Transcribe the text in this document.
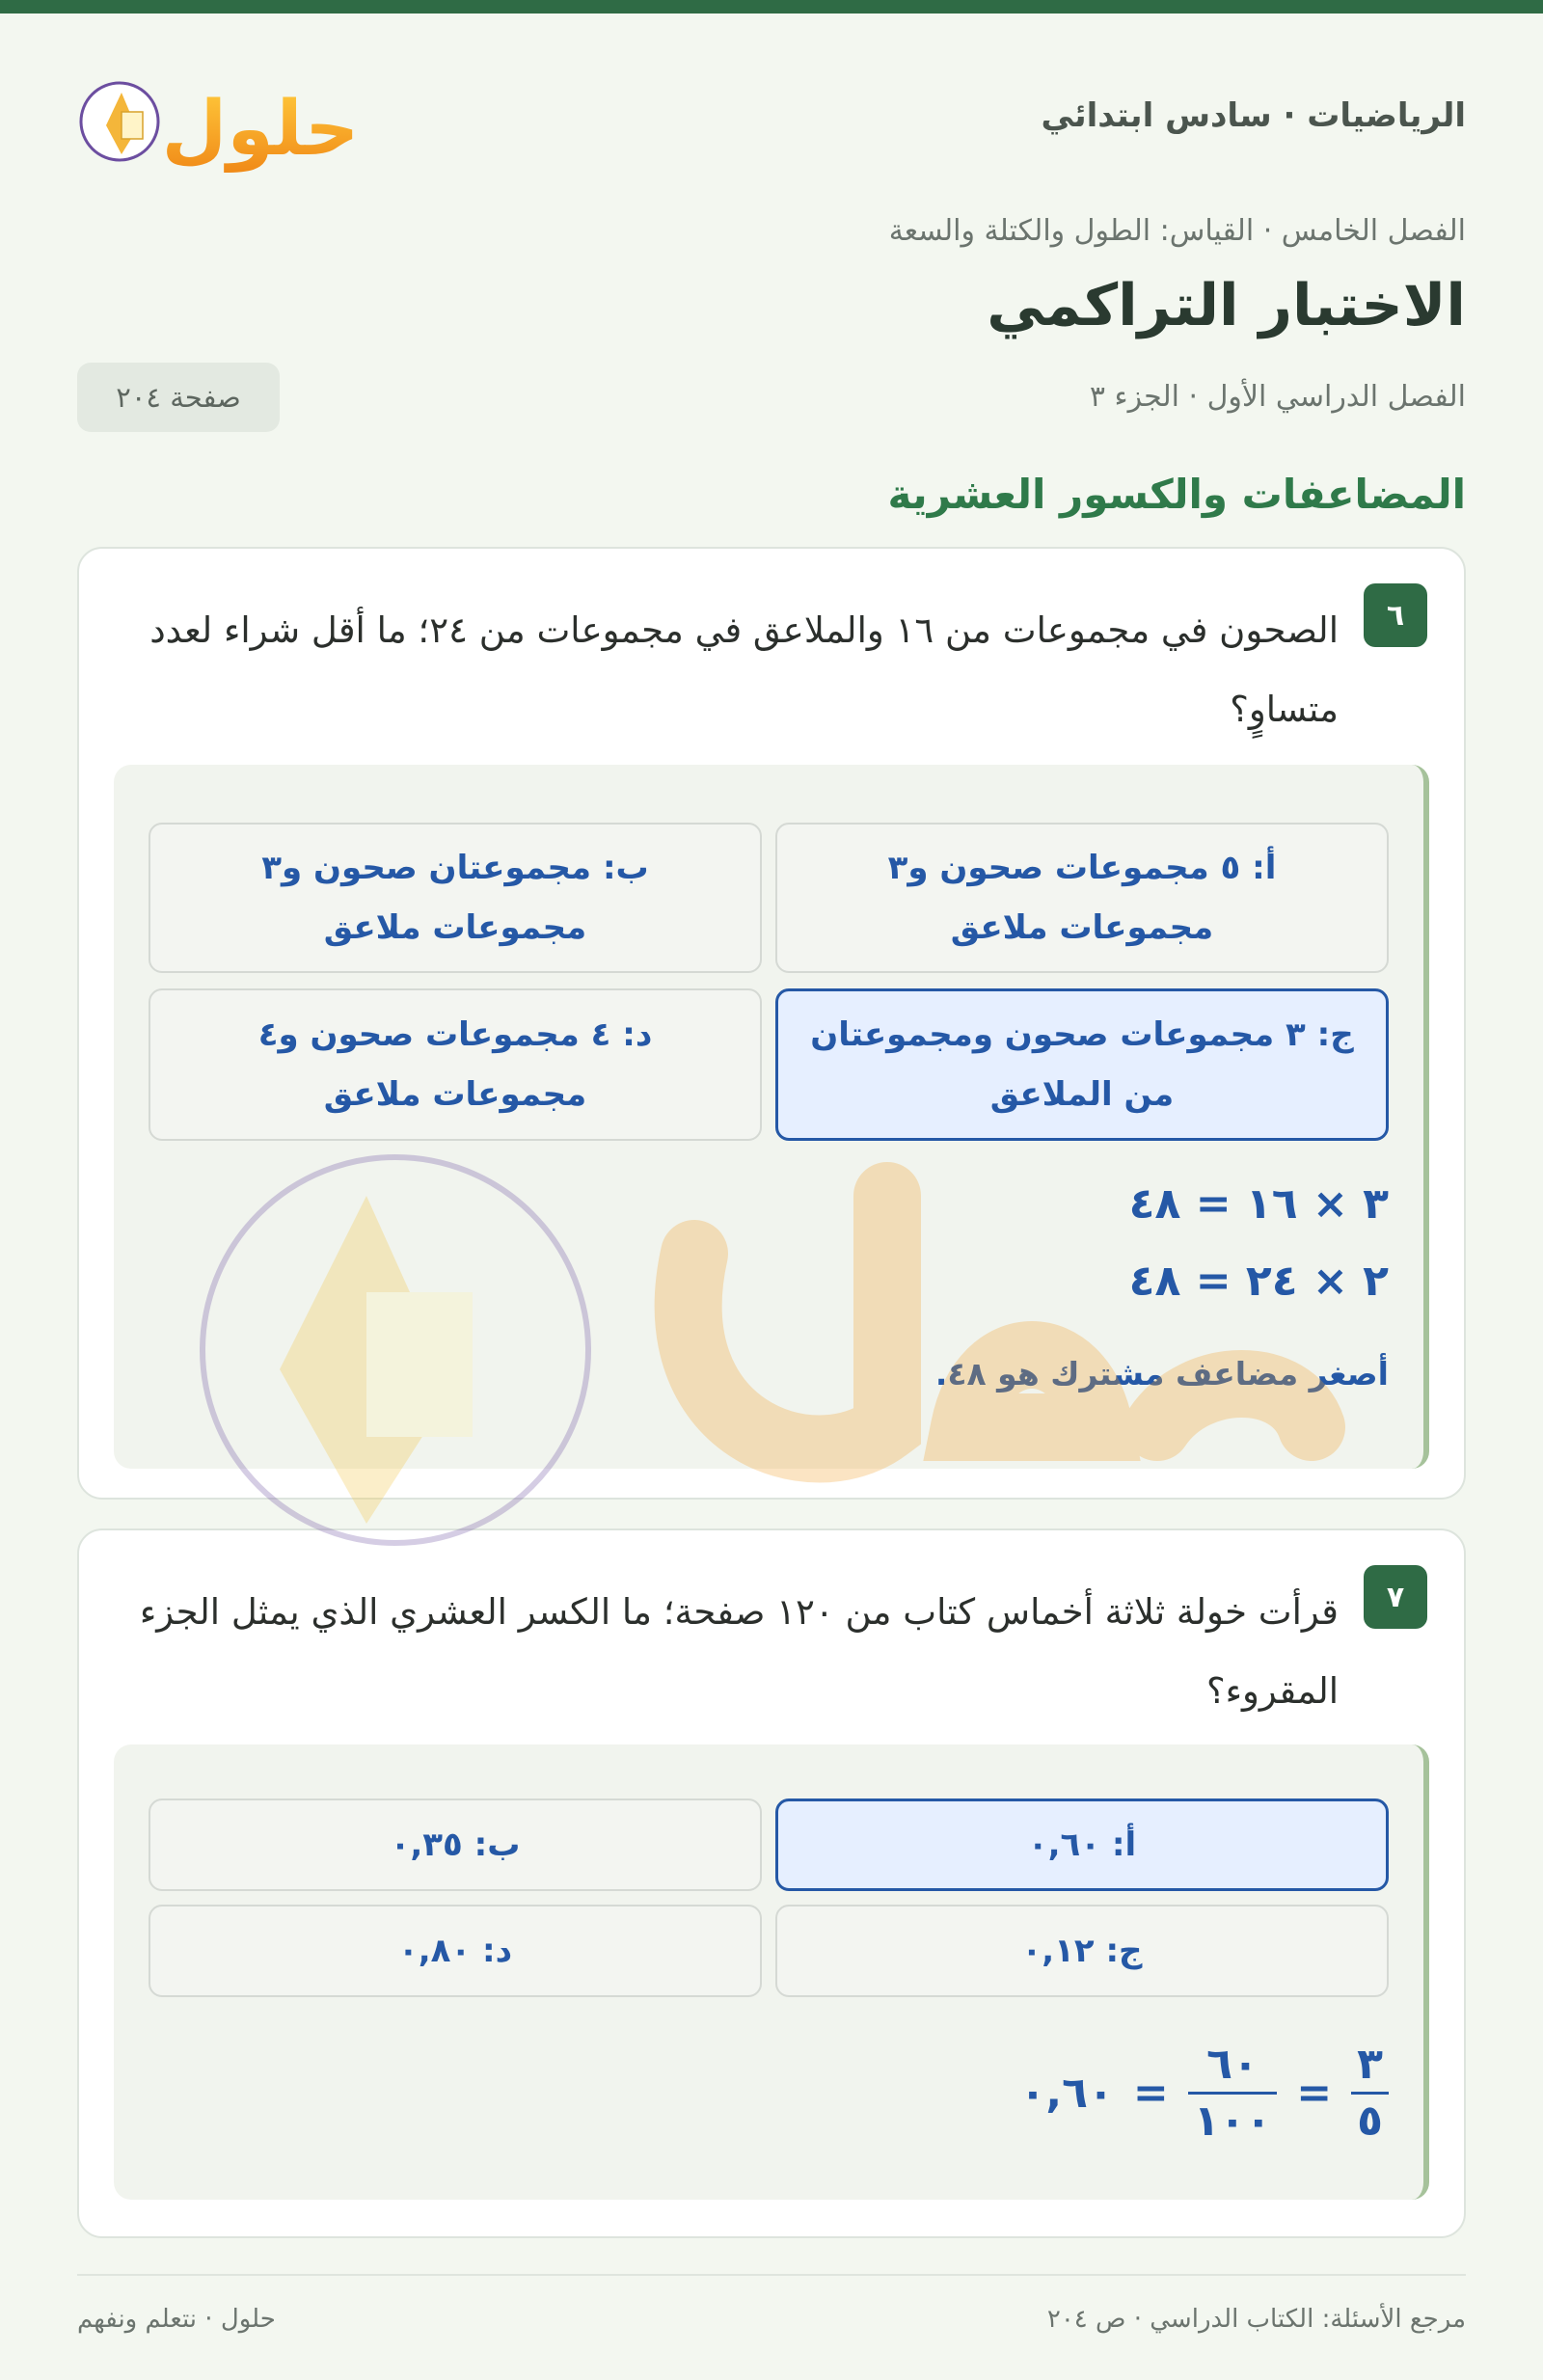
الرياضيات · سادس ابتدائي
حلول
الفصل الخامس · القياس: الطول والكتلة والسعة
الاختبار التراكمي
الفصل الدراسي الأول · الجزء ٣
صفحة ٢٠٤
المضاعفات والكسور العشرية
٦
الصحون في مجموعات من ١٦ والملاعق في مجموعات من ٢٤؛ ما أقل شراء لعدد متساوٍ؟
أ: ٥ مجموعات صحون و٣ مجموعات ملاعق
ب: مجموعتان صحون و٣ مجموعات ملاعق
ج: ٣ مجموعات صحون ومجموعتان من الملاعق
د: ٤ مجموعات صحون و٤ مجموعات ملاعق
٣ × ١٦ = ٤٨
٢ × ٢٤ = ٤٨
أصغر مضاعف مشترك هو ٤٨.
٧
قرأت خولة ثلاثة أخماس كتاب من ١٢٠ صفحة؛ ما الكسر العشري الذي يمثل الجزء المقروء؟
أ: ٠,٦٠
ب: ٠,٣٥
ج: ٠,١٢
د: ٠,٨٠
$\frac{٣}{٥}$
=
$\frac{٦٠}{١٠٠}$
=
٠,٦٠
مرجع الأسئلة: الكتاب الدراسي · ص ٢٠٤
حلول · نتعلم ونفهم
